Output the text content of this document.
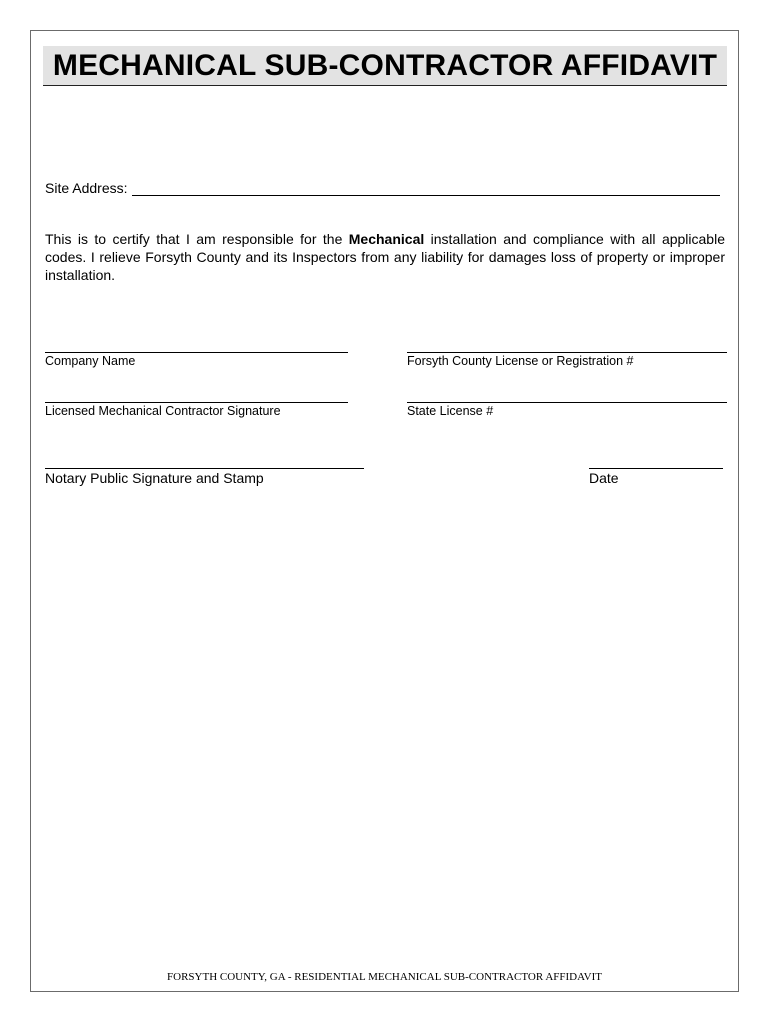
MECHANICAL SUB-CONTRACTOR AFFIDAVIT
Site Address:

This is to certify that I am responsible for the Mechanical installation and compliance with all applicable codes. I relieve Forsyth County and its Inspectors from any liability for damages loss of property or improper installation.

Company Name	Forsyth County License or Registration #
Licensed Mechanical Contractor Signature	State License #
Notary Public Signature and Stamp	Date
FORSYTH COUNTY, GA - RESIDENTIAL MECHANICAL SUB-CONTRACTOR AFFIDAVIT
